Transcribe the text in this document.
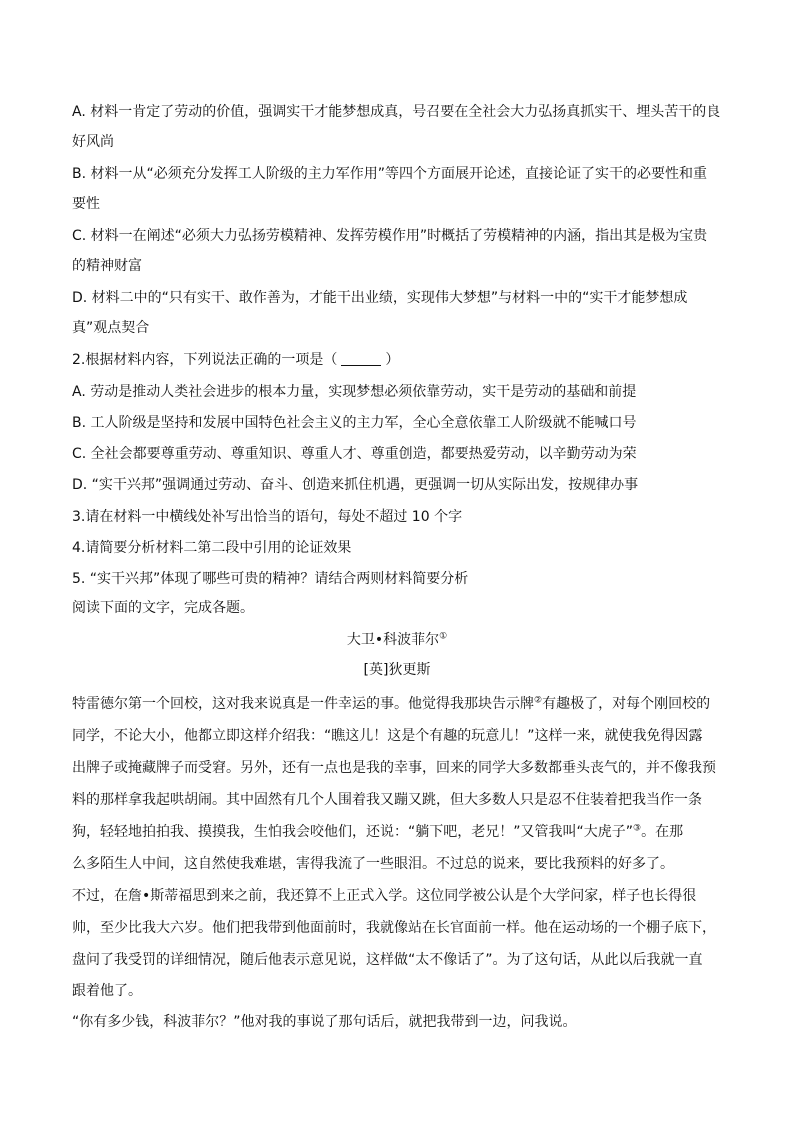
A. 材料一肯定了劳动的价值，强调实干才能梦想成真，号召要在全社会大力弘扬真抓实干、埋头苦干的良
好风尚
B. 材料一从“必须充分发挥工人阶级的主力军作用”等四个方面展开论述，直接论证了实干的必要性和重
要性
C. 材料一在阐述“必须大力弘扬劳模精神、发挥劳模作用”时概括了劳模精神的内涵，指出其是极为宝贵
的精神财富
D. 材料二中的“只有实干、敢作善为，才能干出业绩，实现伟大梦想”与材料一中的“实干才能梦想成
真”观点契合
2.根据材料内容，下列说法正确的一项是（	）
A. 劳动是推动人类社会进步的根本力量，实现梦想必须依靠劳动，实干是劳动的基础和前提
B. 工人阶级是坚持和发展中国特色社会主义的主力军，全心全意依靠工人阶级就不能喊口号
C. 全社会都要尊重劳动、尊重知识、尊重人才、尊重创造，都要热爱劳动，以辛勤劳动为荣
D. “实干兴邦”强调通过劳动、奋斗、创造来抓住机遇，更强调一切从实际出发，按规律办事
3.请在材料一中横线处补写出恰当的语句，每处不超过 10 个字
4.请简要分析材料二第二段中引用的论证效果
5. “实干兴邦”体现了哪些可贵的精神？请结合两则材料简要分析
阅读下面的文字，完成各题。
大卫•科波菲尔①
[英]狄更斯
特雷德尔第一个回校，这对我来说真是一件幸运的事。他觉得我那块告示牌②有趣极了，对每个刚回校的
同学，不论大小，他都立即这样介绍我：“瞧这儿！这是个有趣的玩意儿！”这样一来，就使我免得因露
出牌子或掩藏牌子而受窘。另外，还有一点也是我的幸事，回来的同学大多数都垂头丧气的，并不像我预
料的那样拿我起哄胡闹。其中固然有几个人围着我又蹦又跳，但大多数人只是忍不住装着把我当作一条
狗，轻轻地拍拍我、摸摸我，生怕我会咬他们，还说：“躺下吧，老兄！”又管我叫“大虎子”③。在那
么多陌生人中间，这自然使我难堪，害得我流了一些眼泪。不过总的说来，要比我预料的好多了。
不过，在詹•斯蒂福思到来之前，我还算不上正式入学。这位同学被公认是个大学问家，样子也长得很
帅，至少比我大六岁。他们把我带到他面前时，我就像站在长官面前一样。他在运动场的一个棚子底下，
盘问了我受罚的详细情况，随后他表示意见说，这样做“太不像话了”。为了这句话，从此以后我就一直
跟着他了。
“你有多少钱，科波菲尔？”他对我的事说了那句话后，就把我带到一边，问我说。
